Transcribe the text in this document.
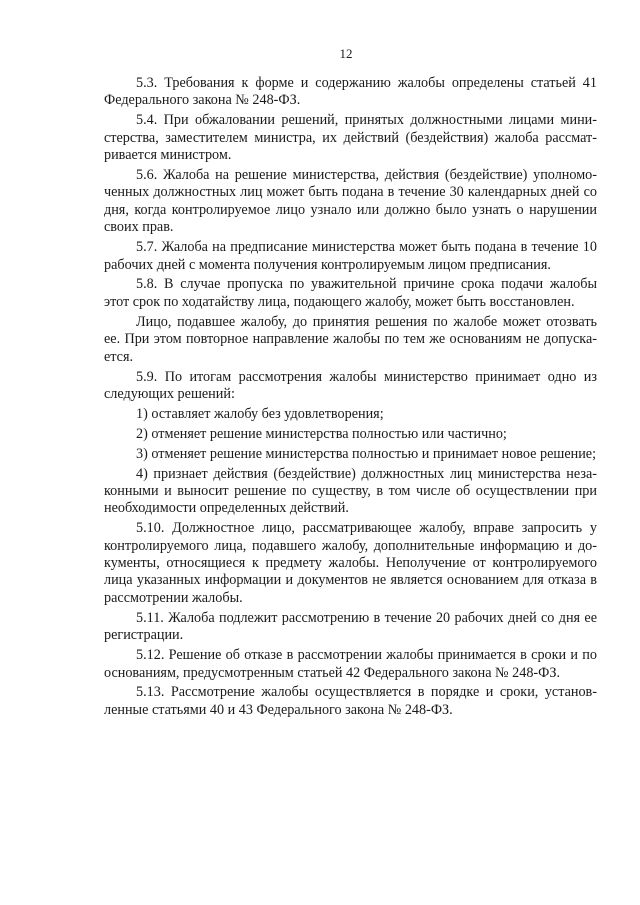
12

5.3. Требования к форме и содержанию жалобы определены статьей 41 Федерального закона № 248-ФЗ.

5.4. При обжаловании решений, принятых должностными лицами министерства, заместителем министра, их действий (бездействия) жалоба рассматривается министром.

5.6. Жалоба на решение министерства, действия (бездействие) уполномоченных должностных лиц может быть подана в течение 30 календарных дней со дня, когда контролируемое лицо узнало или должно было узнать о нарушении своих прав.

5.7. Жалоба на предписание министерства может быть подана в течение 10 рабочих дней с момента получения контролируемым лицом предписания.

5.8. В случае пропуска по уважительной причине срока подачи жалобы этот срок по ходатайству лица, подающего жалобу, может быть восстановлен.

Лицо, подавшее жалобу, до принятия решения по жалобе может отозвать ее. При этом повторное направление жалобы по тем же основаниям не допускается.

5.9. По итогам рассмотрения жалобы министерство принимает одно из следующих решений:

1) оставляет жалобу без удовлетворения;

2) отменяет решение министерства полностью или частично;

3) отменяет решение министерства полностью и принимает новое решение;

4) признает действия (бездействие) должностных лиц министерства незаконными и выносит решение по существу, в том числе об осуществлении при необходимости определенных действий.

5.10. Должностное лицо, рассматривающее жалобу, вправе запросить у контролируемого лица, подавшего жалобу, дополнительные информацию и документы, относящиеся к предмету жалобы. Неполучение от контролируемого лица указанных информации и документов не является основанием для отказа в рассмотрении жалобы.

5.11. Жалоба подлежит рассмотрению в течение 20 рабочих дней со дня ее регистрации.

5.12. Решение об отказе в рассмотрении жалобы принимается в сроки и по основаниям, предусмотренным статьей 42 Федерального закона № 248-ФЗ.

5.13. Рассмотрение жалобы осуществляется в порядке и сроки, установленные статьями 40 и 43 Федерального закона № 248-ФЗ.
